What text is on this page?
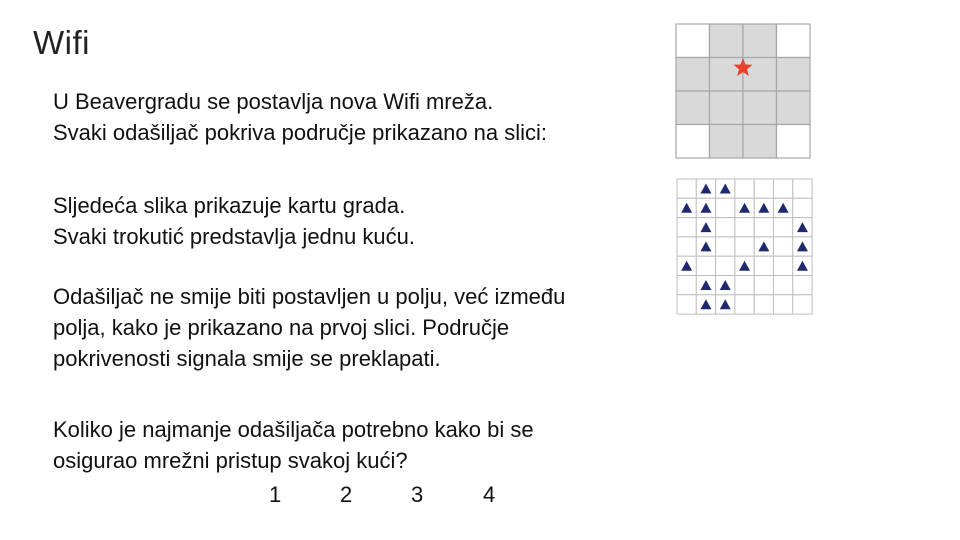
Wifi

U Beavergradu se postavlja nova Wifi mreža.
Svaki odašiljač pokriva područje prikazano na slici:

Sljedeća slika prikazuje kartu grada.
Svaki trokutić predstavlja jednu kuću.

Odašiljač ne smije biti postavljen u polju, već između
polja, kako je prikazano na prvoj slici. Područje
pokrivenosti signala smije se preklapati.

Koliko je najmanje odašiljača potrebno kako bi se
osigurao mrežni pristup svakoj kući?

1	2	3	4
